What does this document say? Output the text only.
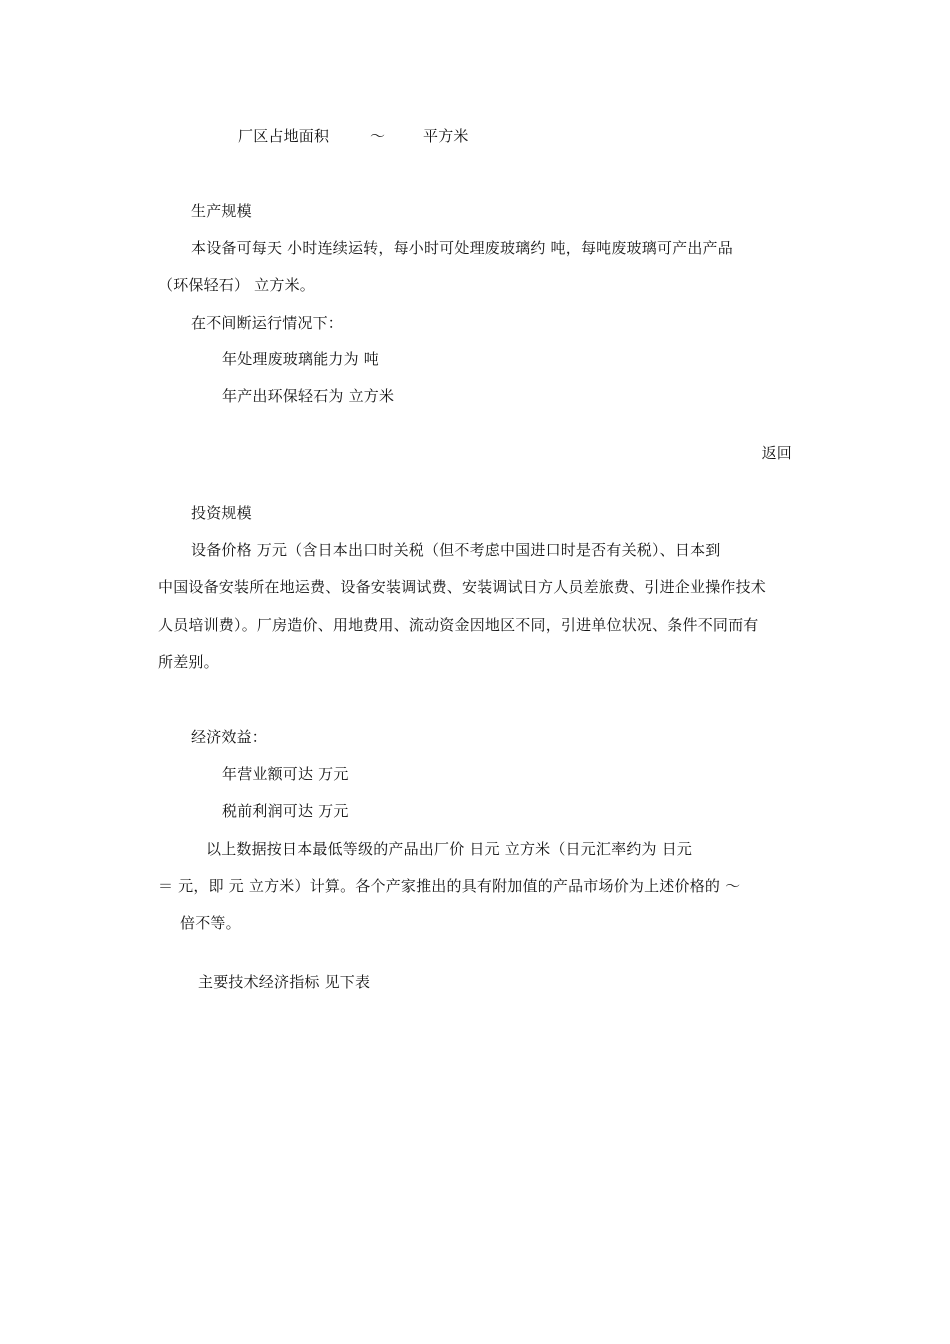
厂区占地面积	～	平方米
生产规模
本设备可每天 小时连续运转，每小时可处理废玻璃约 吨，每吨废玻璃可产出产品
（环保轻石） 立方米。
在不间断运行情况下：
年处理废玻璃能力为 吨
年产出环保轻石为 立方米
返回
投资规模
设备价格 万元（含日本出口时关税（但不考虑中国进口时是否有关税）、日本到
中国设备安装所在地运费、设备安装调试费、安装调试日方人员差旅费、引进企业操作技术
人员培训费）。厂房造价、用地费用、流动资金因地区不同，引进单位状况、条件不同而有
所差别。
经济效益：
年营业额可达 万元
税前利润可达 万元
以上数据按日本最低等级的产品出厂价 日元 立方米（日元汇率约为 日元
＝ 元，即 元 立方米）计算。各个产家推出的具有附加值的产品市场价为上述价格的 ～
倍不等。
主要技术经济指标 见下表
